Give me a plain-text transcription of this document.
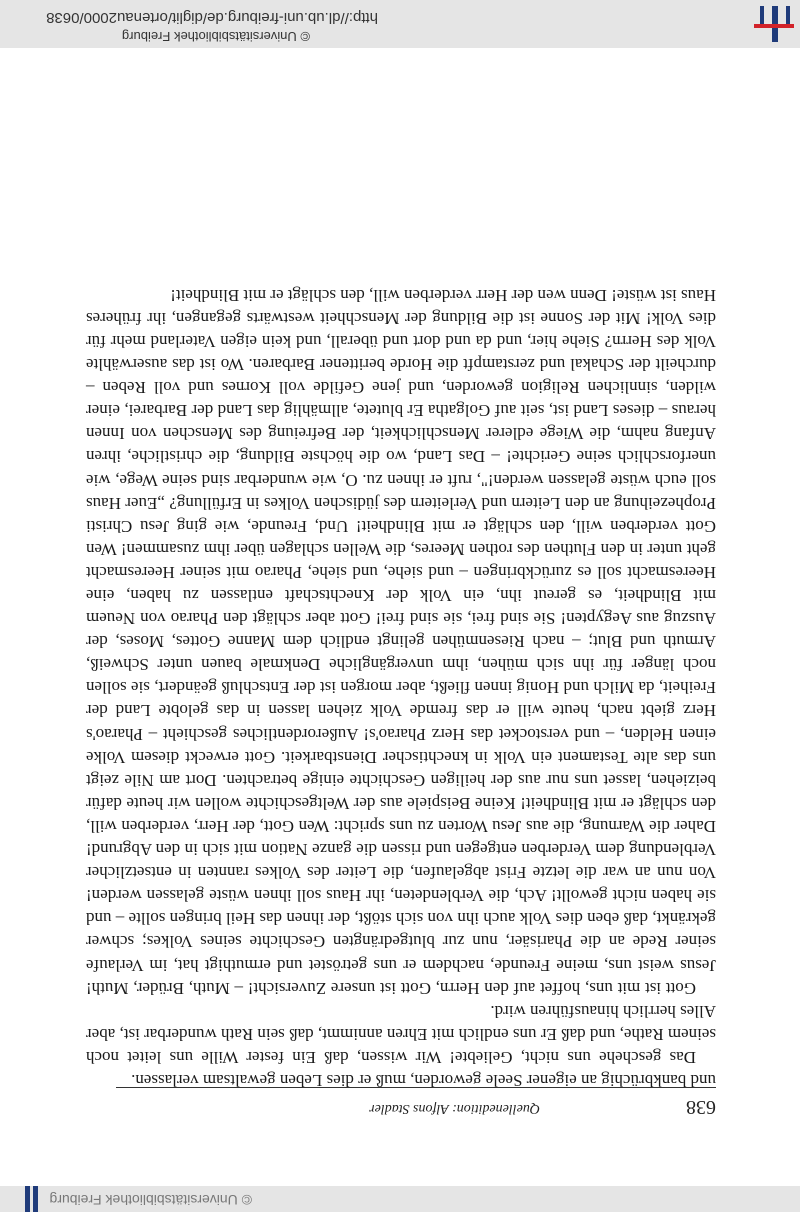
© Universitätsbibliothek Freiburg
638
Quellenedition: Alfons Stadler

und bankbrüchig an eigener Seele geworden, muß er dies Leben gewaltsam verlassen.

Das geschehe uns nicht, Geliebte! Wir wissen, daß Ein fester Wille uns leitet noch seinem Rathe, und daß Er uns endlich mit Ehren annimmt, daß sein Rath wunderbar ist, aber Alles herrlich hinausführen wird.

Gott ist mit uns, hoffet auf den Herrn, Gott ist unsere Zuversicht! – Muth, Brüder, Muth! Jesus weist uns, meine Freunde, nachdem er uns getröstet und ermuthigt hat, im Verlaufe seiner Rede an die Pharisäer, nun zur blutgedrängten Geschichte seines Volkes; schwer gekränkt, daß eben dies Volk auch ihn von sich stößt, der ihnen das Heil bringen sollte – und sie haben nicht gewollt! Ach, die Verblendeten, ihr Haus soll ihnen wüste gelassen werden! Von nun an war die letzte Frist abgelaufen, die Leiter des Volkes rannten in entsetzlicher Verblendung dem Verderben entgegen und rissen die ganze Nation mit sich in den Abgrund! Daher die Warnung, die aus Jesu Worten zu uns spricht: Wen Gott, der Herr, verderben will, den schlägt er mit Blindheit! Keine Beispiele aus der Weltgeschichte wollen wir heute dafür beiziehen, lasset uns nur aus der heiligen Geschichte einige betrachten. Dort am Nile zeigt uns das alte Testament ein Volk in knechtischer Dienstbarkeit. Gott erweckt diesem Volke einen Helden, – und verstocket das Herz Pharao's! Außerordentliches geschieht – Pharao's Herz giebt nach, heute will er das fremde Volk ziehen lassen in das gelobte Land der Freiheit, da Milch und Honig innen fließt, aber morgen ist der Entschluß geändert, sie sollen noch länger für ihn sich mühen, ihm unvergängliche Denkmale bauen unter Schweiß, Armuth und Blut; – nach Riesenmühen gelingt endlich dem Manne Gottes, Moses, der Auszug aus Aegypten! Sie sind frei, sie sind frei! Gott aber schlägt den Pharao von Neuem mit Blindheit, es gereut ihn, ein Volk der Knechtschaft entlassen zu haben, eine Heeresmacht soll es zurückbringen – und siehe, und siehe, Pharao mit seiner Heeresmacht geht unter in den Fluthen des rothen Meeres, die Wellen schlagen über ihm zusammen! Wen Gott verderben will, den schlägt er mit Blindheit! Und, Freunde, wie ging Jesu Christi Prophezeihung an den Leitern und Verleitern des jüdischen Volkes in Erfüllung? „Euer Haus soll euch wüste gelassen werden!", ruft er ihnen zu. O, wie wunderbar sind seine Wege, wie unerforschlich seine Gerichte! – Das Land, wo die höchste Bildung, die christliche, ihren Anfang nahm, die Wiege edlerer Menschlichkeit, der Befreiung des Menschen von Innen heraus – dieses Land ist, seit auf Golgatha Er blutete, allmählig das Land der Barbarei, einer wilden, sinnlichen Religion geworden, und jene Gefilde voll Kornes und voll Reben – durcheilt der Schakal und zerstampft die Horde berittener Barbaren. Wo ist das auserwählte Volk des Herrn? Siehe hier, und da und dort und überall, und kein eigen Vaterland mehr für dies Volk! Mit der Sonne ist die Bildung der Menschheit westwärts gegangen, ihr früheres Haus ist wüste! Denn wen der Herr verderben will, den schlägt er mit Blindheit!

© Universitätsbibliothek Freiburg
http://dl.ub.uni-freiburg.de/diglit/ortenau2000/0638
